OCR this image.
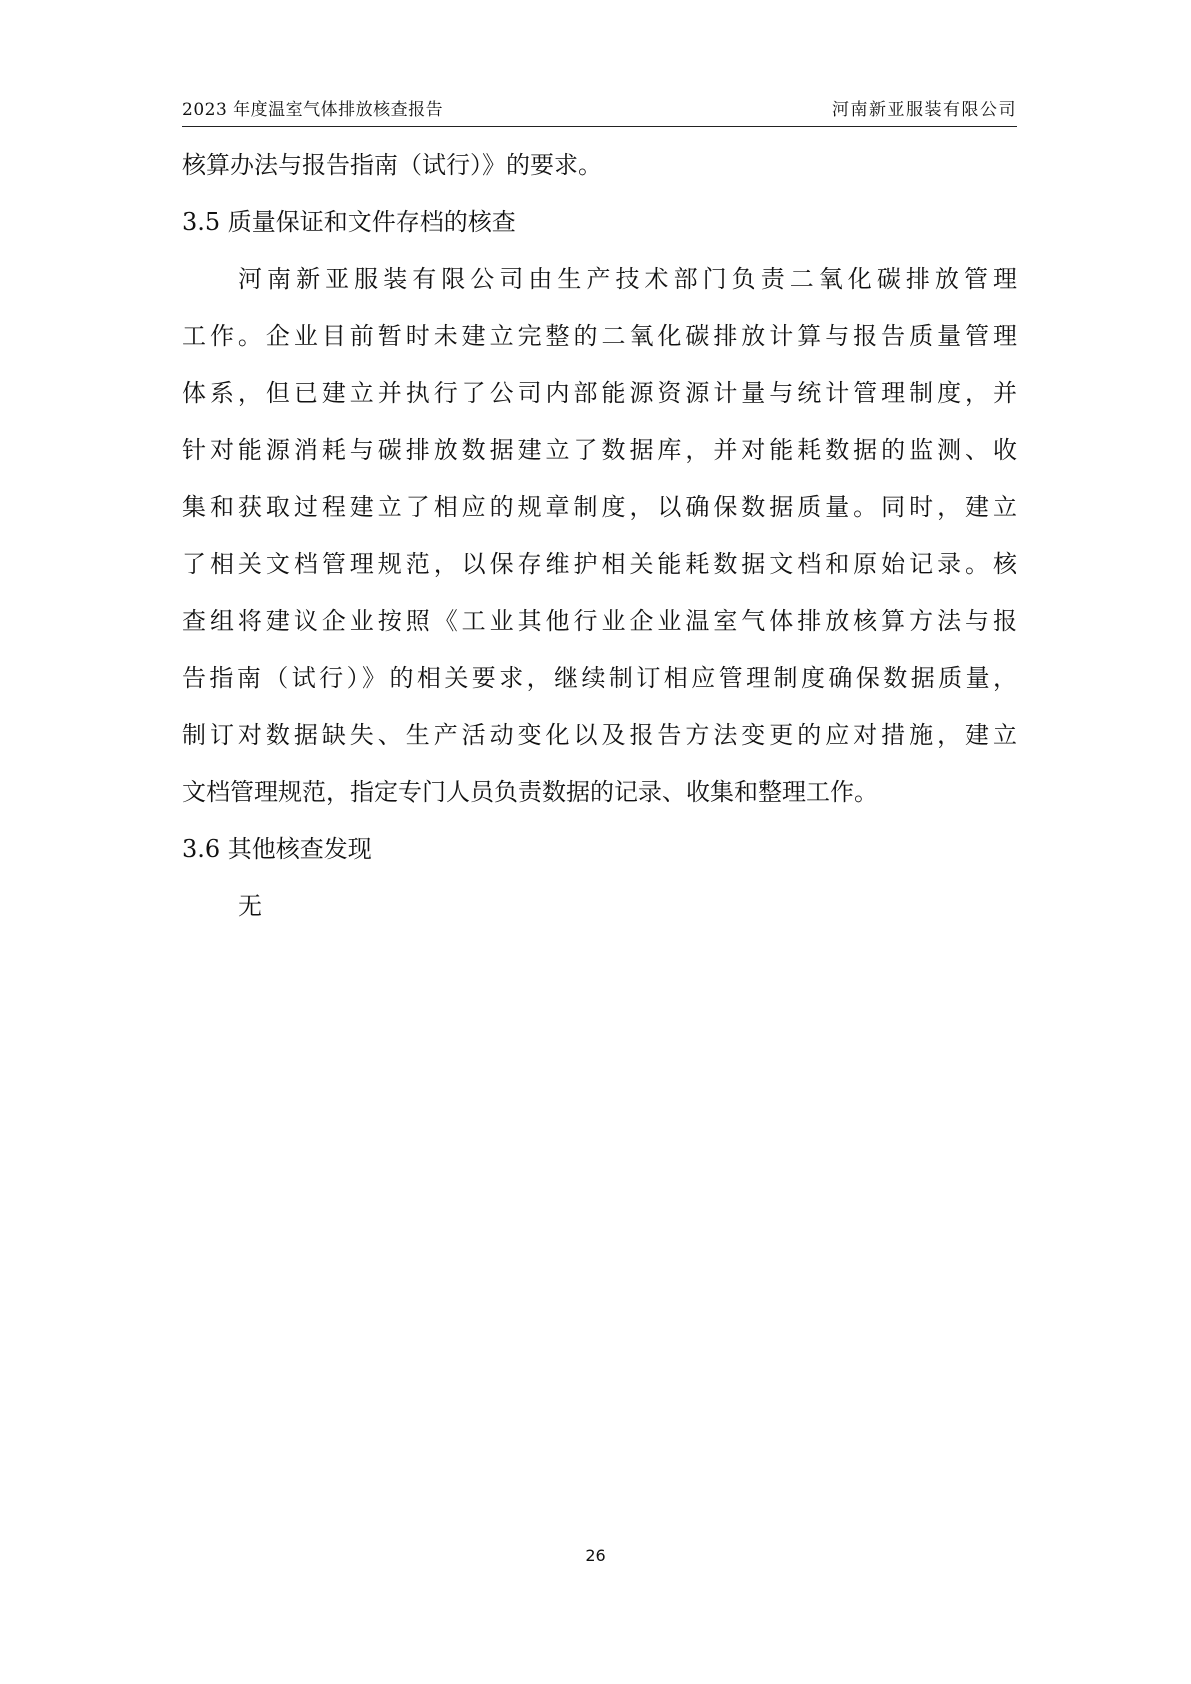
2023 年度温室气体排放核查报告	河南新亚服装有限公司
核算办法与报告指南（试行）》的要求。
3.5 质量保证和文件存档的核查
河南新亚服装有限公司由生产技术部门负责二氧化碳排放管理
工作。企业目前暂时未建立完整的二氧化碳排放计算与报告质量管理
体系，但已建立并执行了公司内部能源资源计量与统计管理制度，并
针对能源消耗与碳排放数据建立了数据库，并对能耗数据的监测、收
集和获取过程建立了相应的规章制度，以确保数据质量。同时，建立
了相关文档管理规范，以保存维护相关能耗数据文档和原始记录。核
查组将建议企业按照《工业其他行业企业温室气体排放核算方法与报
告指南（试行）》的相关要求，继续制订相应管理制度确保数据质量，
制订对数据缺失、生产活动变化以及报告方法变更的应对措施，建立
文档管理规范，指定专门人员负责数据的记录、收集和整理工作。
3.6 其他核查发现
无
26
